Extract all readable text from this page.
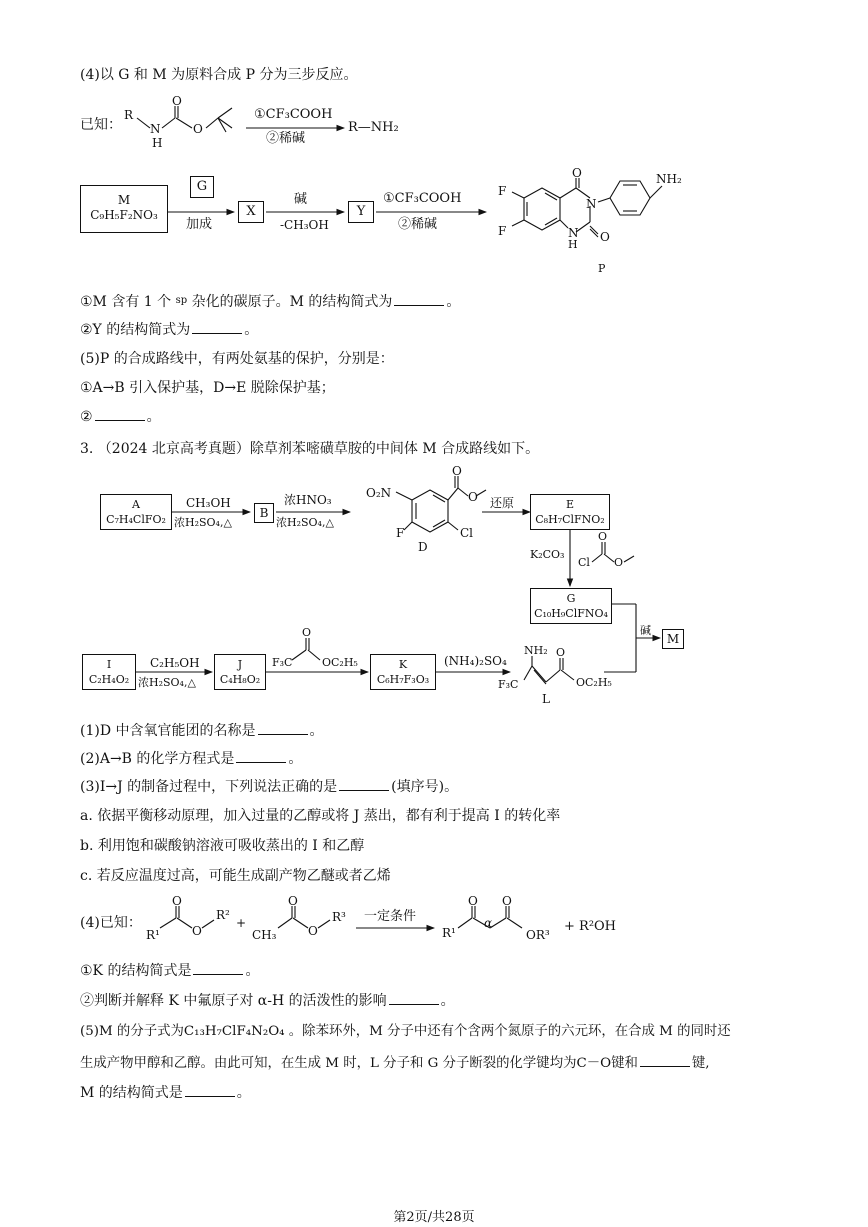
(4)以 G 和 M 为原料合成 P 分为三步反应。
已知：
R
N
H
O
O
①CF₃COOH
②稀碱
R—NH₂
M
C₉H₅F₂NO₃
G
加成
X
碱
-CH₃OH
Y
①CF₃COOH
②稀碱
F
F
N
N
H
O
O
NH₂
P
①M 含有 1 个 $^{sp}$ 杂化的碳原子。M 的结构简式为	。
②Y 的结构简式为	。
(5)P 的合成路线中，有两处氨基的保护，分别是：
①A→B 引入保护基，D→E 脱除保护基；
②	。
3. （2024 北京高考真题）除草剂苯嘧磺草胺的中间体 M 合成路线如下。
A
C₇H₄ClFO₂
CH₃OH
浓H₂SO₄,△
B
浓HNO₃
浓H₂SO₄,△
O₂N
F	Cl
O
O
D
还原	E
C₈H₇ClFNO₂
K₂CO₃
Cl
O
O
G
C₁₀H₉ClFNO₄
碱
M
I
C₂H₄O₂
C₂H₅OH
浓H₂SO₄,△
J
C₄H₈O₂
F₃C
O
OC₂H₅	K
C₆H₇F₃O₃
(NH₄)₂SO₄
NH₂
F₃C
O
OC₂H₅
L
(1)D 中含氧官能团的名称是	。
(2)A→B 的化学方程式是	。
(3)I→J 的制备过程中，下列说法正确的是	(填序号)。
a. 依据平衡移动原理，加入过量的乙醇或将 J 蒸出，都有利于提高 I 的转化率
b. 利用饱和碳酸钠溶液可吸收蒸出的 I 和乙醇
c. 若反应温度过高，可能生成副产物乙醚或者乙烯
(4)已知：
R¹
O
O
R²
+
CH₃
O
O
R³ 一定条件
R¹
O
α
O
OR³
+ R²OH
①K 的结构简式是	。
②判断并解释 K 中氟原子对 α-H 的活泼性的影响	。
(5)M 的分子式为C₁₃H₇ClF₄N₂O₄ 。除苯环外，M 分子中还有个含两个氮原子的六元环，在合成 M 的同时还
生成产物甲醇和乙醇。由此可知，在生成 M 时，L 分子和 G 分子断裂的化学键均为C－O键和	键,
M 的结构简式是	。
第2页/共28页
